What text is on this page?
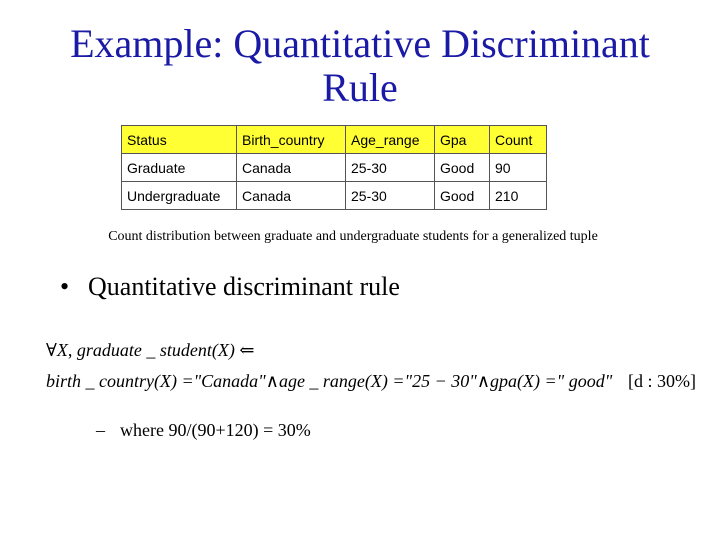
Example: Quantitative Discriminant
Rule
Status	Birth_country	Age_range	Gpa	Count
Graduate	Canada	25-30	Good	90
Undergraduate	Canada	25-30	Good	210
Count distribution between graduate and undergraduate students for a generalized tuple
• Quantitative discriminant rule
∀X, graduate _ student(X) ⇐
birth _ country(X) ="Canada"∧age _ range(X) ="25 − 30"∧gpa(X) =" good" [d : 30%]
– where 90/(90+120) = 30%
